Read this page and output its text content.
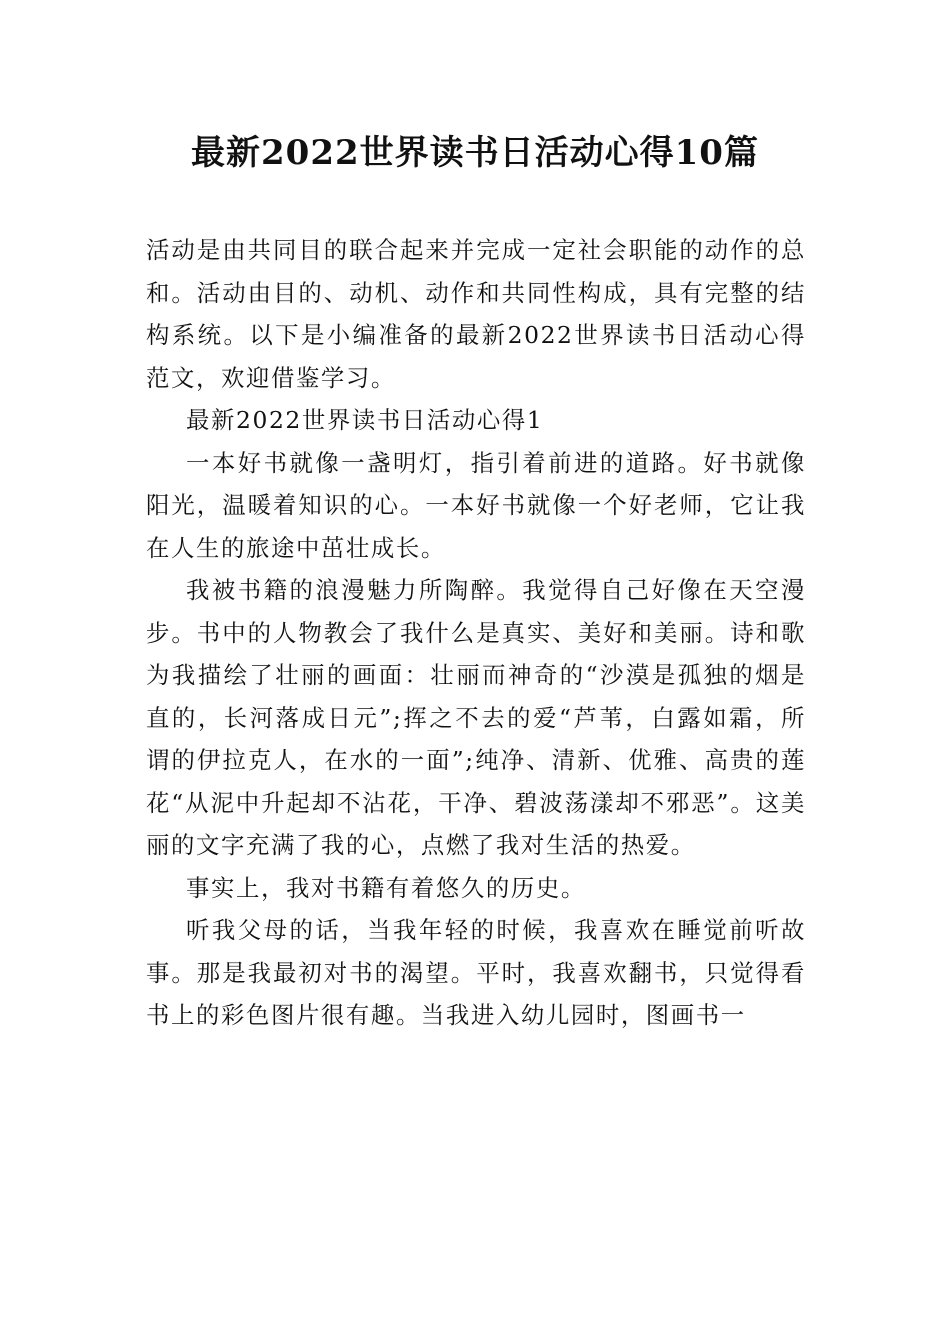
最新2022世界读书日活动心得10篇

活动是由共同目的联合起来并完成一定社会职能的动作的总和。活动由目的、动机、动作和共同性构成，具有完整的结构系统。以下是小编准备的最新2022世界读书日活动心得范文，欢迎借鉴学习。

最新2022世界读书日活动心得1

一本好书就像一盏明灯，指引着前进的道路。好书就像阳光，温暖着知识的心。一本好书就像一个好老师，它让我在人生的旅途中茁壮成长。

我被书籍的浪漫魅力所陶醉。我觉得自己好像在天空漫步。书中的人物教会了我什么是真实、美好和美丽。诗和歌为我描绘了壮丽的画面：壮丽而神奇的“沙漠是孤独的烟是直的，长河落成日元”;挥之不去的爱“芦苇，白露如霜，所谓的伊拉克人，在水的一面”;纯净、清新、优雅、高贵的莲花“从泥中升起却不沾花，干净、碧波荡漾却不邪恶”。这美丽的文字充满了我的心，点燃了我对生活的热爱。

事实上，我对书籍有着悠久的历史。

听我父母的话，当我年轻的时候，我喜欢在睡觉前听故事。那是我最初对书的渴望。平时，我喜欢翻书，只觉得看书上的彩色图片很有趣。当我进入幼儿园时，图画书一
